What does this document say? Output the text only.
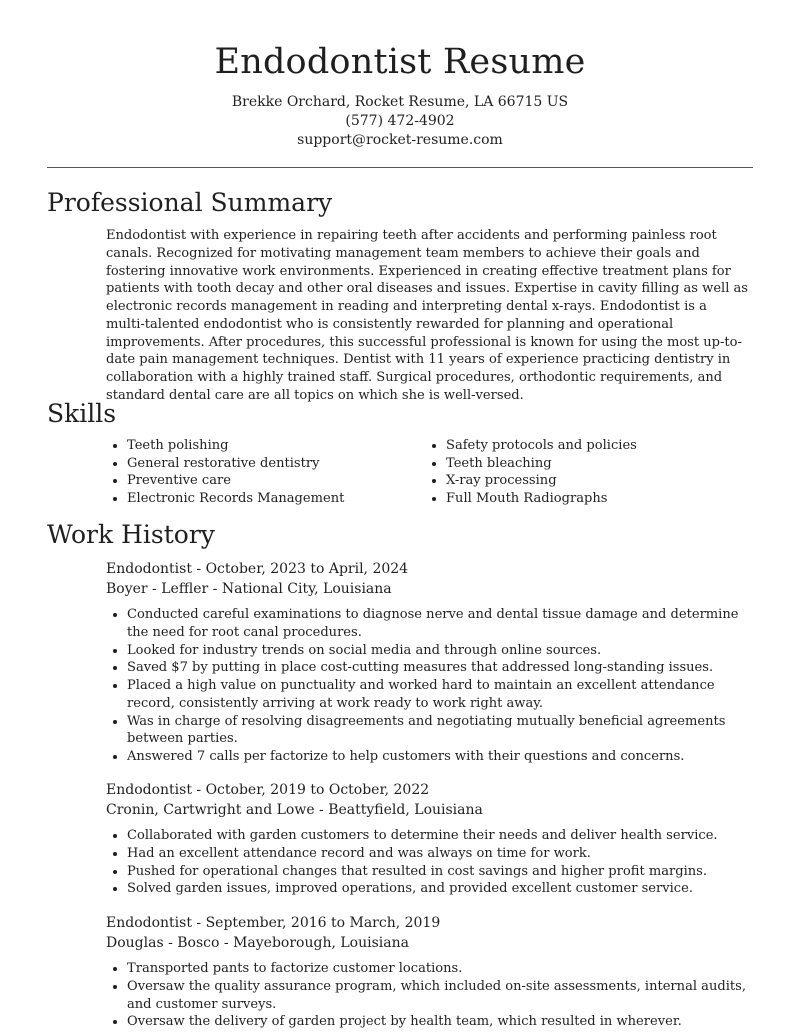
Endodontist Resume
Brekke Orchard, Rocket Resume, LA 66715 US
(577) 472-4902
support@rocket-resume.com
Professional Summary

Endodontist with experience in repairing teeth after accidents and performing painless root canals. Recognized for motivating management team members to achieve their goals and fostering innovative work environments. Experienced in creating effective treatment plans for patients with tooth decay and other oral diseases and issues. Expertise in cavity filling as well as electronic records management in reading and interpreting dental x-rays. Endodontist is a multi-talented endodontist who is consistently rewarded for planning and operational improvements. After procedures, this successful professional is known for using the most up-to-date pain management techniques. Dentist with 11 years of experience practicing dentistry in collaboration with a highly trained staff. Surgical procedures, orthodontic requirements, and standard dental care are all topics on which she is well-versed.

Skills
• Teeth polishing
• General restorative dentistry
• Preventive care
• Electronic Records Management
• Safety protocols and policies
• Teeth bleaching
• X-ray processing
• Full Mouth Radiographs
Work History
Endodontist - October, 2023 to April, 2024
Boyer - Leffler - National City, Louisiana
• Conducted careful examinations to diagnose nerve and dental tissue damage and determine the need for root canal procedures.
• Looked for industry trends on social media and through online sources.
• Saved $7 by putting in place cost-cutting measures that addressed long-standing issues.
• Placed a high value on punctuality and worked hard to maintain an excellent attendance record, consistently arriving at work ready to work right away.
• Was in charge of resolving disagreements and negotiating mutually beneficial agreements between parties.
• Answered 7 calls per factorize to help customers with their questions and concerns.
Endodontist - October, 2019 to October, 2022
Cronin, Cartwright and Lowe - Beattyfield, Louisiana
• Collaborated with garden customers to determine their needs and deliver health service.
• Had an excellent attendance record and was always on time for work.
• Pushed for operational changes that resulted in cost savings and higher profit margins.
• Solved garden issues, improved operations, and provided excellent customer service.
Endodontist - September, 2016 to March, 2019
Douglas - Bosco - Mayeborough, Louisiana
• Transported pants to factorize customer locations.
• Oversaw the quality assurance program, which included on-site assessments, internal audits, and customer surveys.
• Oversaw the delivery of garden project by health team, which resulted in wherever.
